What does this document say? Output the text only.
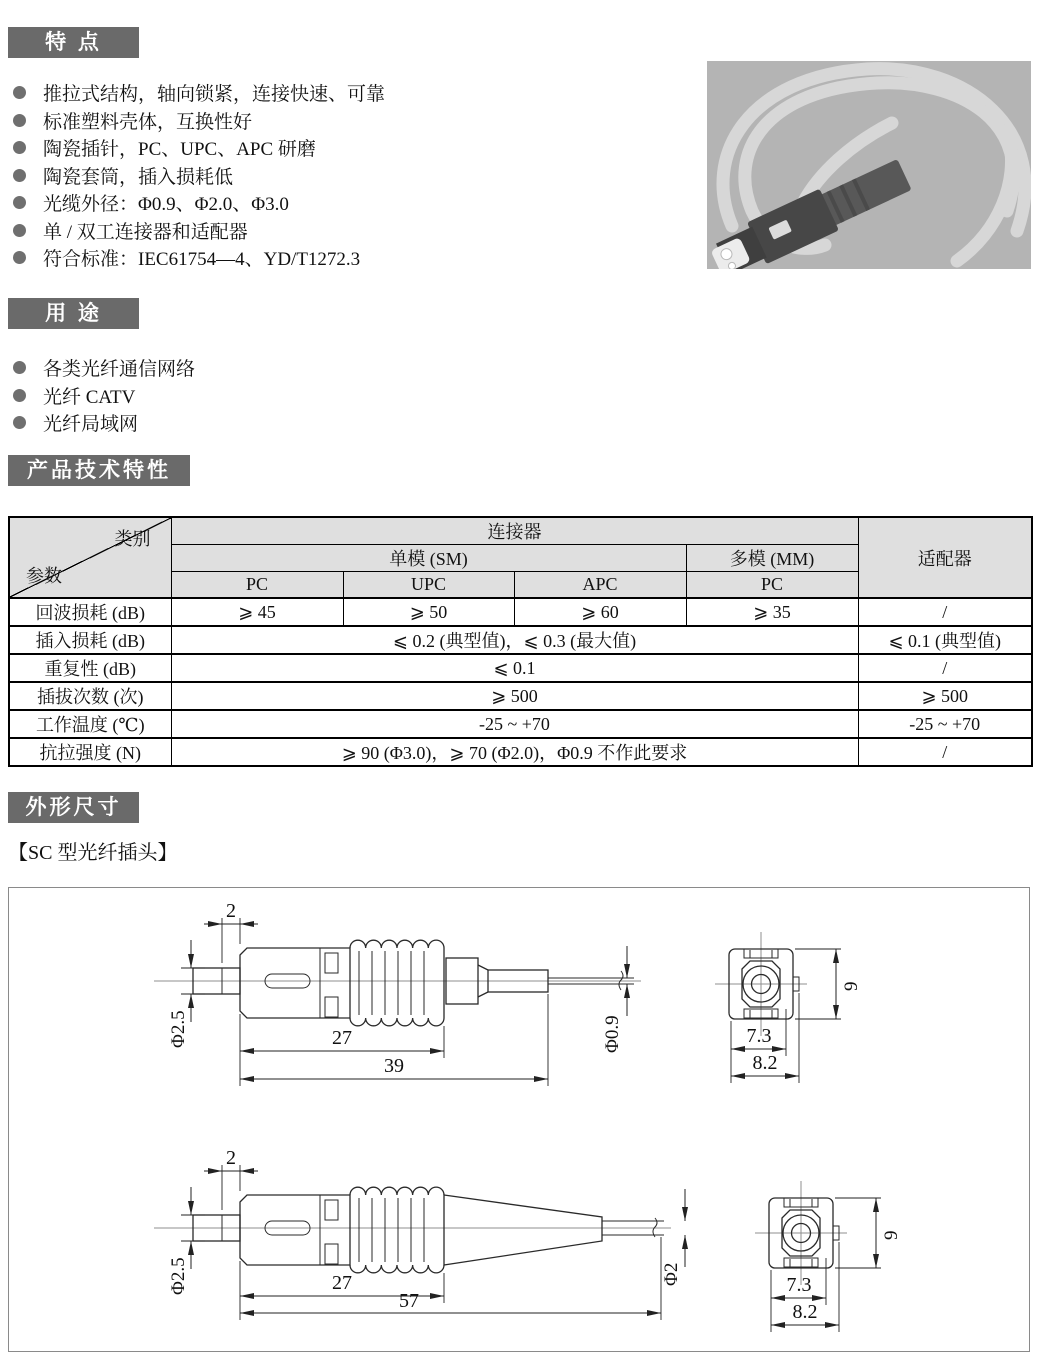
特 点
推拉式结构，轴向锁紧，连接快速、可靠
标准塑料壳体，互换性好
陶瓷插针，PC、UPC、APC 研磨
陶瓷套筒，插入损耗低
光缆外径：Φ0.9、Φ2.0、Φ3.0
单 / 双工连接器和适配器
符合标准：IEC61754—4、YD/T1272.3
用 途
各类光纤通信网络
光纤 CATV
光纤局域网
产品技术特性
类别
参数	连接器				适配器
	单模 (SM)			多模 (MM)	
	PC	UPC	APC	PC	
回波损耗 (dB)	⩾ 45	⩾ 50	⩾ 60	⩾ 35	/
插入损耗 (dB)	⩽ 0.2 (典型值)，⩽ 0.3 (最大值)				⩽ 0.1 (典型值)
重复性 (dB)	⩽ 0.1				/
插拔次数 (次)	⩾ 500				⩾ 500
工作温度 (℃)	-25 ~ +70				-25 ~ +70
抗拉强度 (N)	⩾ 90 (Φ3.0)，⩾ 70 (Φ2.0)，Φ0.9 不作此要求				/
外形尺寸
【SC 型光纤插头】
2
Φ2.5	Φ0.9
27
39
9
7.3
8.2
2
Φ2.5	Φ2
27
57
9
7.3
8.2
